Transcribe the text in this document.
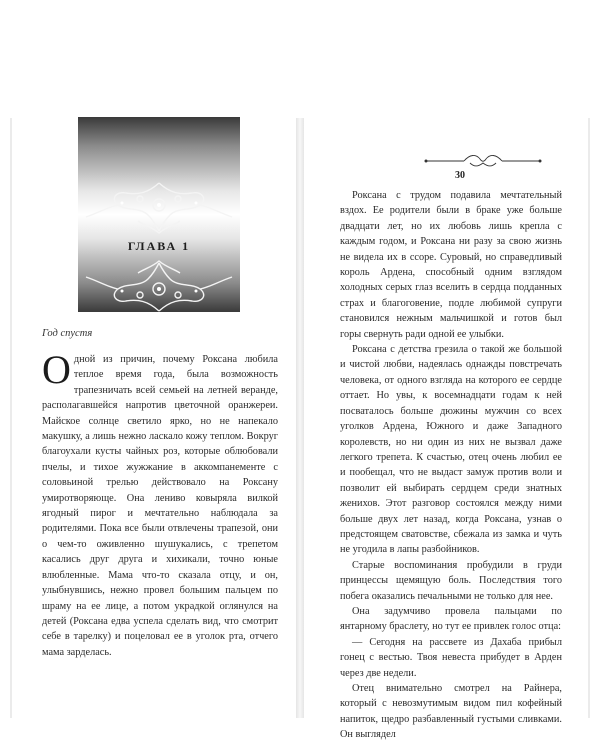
ГЛАВА 1
Год спустя

Одной из причин, почему Роксана любила теплое время года, была возможность трапезничать всей семьей на летней веранде, располагавшейся напротив цветочной оранжереи. Майское солнце светило ярко, но не напекало макушку, а лишь нежно ласкало кожу теплом. Вокруг благоухали кусты чайных роз, которые облюбовали пчелы, и тихое жужжание в аккомпанементе с соловьиной трелью действовало на Роксану умиротворяюще. Она лениво ковыряла вилкой ягодный пирог и мечтательно наблюдала за родителями. Пока все были отвлечены трапезой, они о чем-то оживленно шушукались, с трепетом касались друг друга и хихикали, точно юные влюбленные. Мама что-то сказала отцу, и он, улыбнувшись, нежно провел большим пальцем по шраму на ее лице, а потом украдкой оглянулся на детей (Роксана едва успела сделать вид, что смотрит себе в тарелку) и поцеловал ее в уголок рта, отчего мама зарделась.

30

Роксана с трудом подавила мечтательный вздох. Ее родители были в браке уже больше двадцати лет, но их любовь лишь крепла с каждым годом, и Роксана ни разу за свою жизнь не видела их в ссоре. Суровый, но справедливый король Ардена, способный одним взглядом холодных серых глаз вселить в сердца подданных страх и благоговение, подле любимой супруги становился нежным мальчишкой и готов был горы свернуть ради одной ее улыбки.

Роксана с детства грезила о такой же большой и чистой любви, надеялась однажды повстречать человека, от одного взгляда на которого ее сердце оттает. Но увы, к восемнадцати годам к ней посваталось больше дюжины мужчин со всех уголков Ардена, Южного и даже Западного королевств, но ни один из них не вызвал даже легкого трепета. К счастью, отец очень любил ее и пообещал, что не выдаст замуж против воли и позволит ей выбирать сердцем среди знатных женихов. Этот разговор состоялся между ними больше двух лет назад, когда Роксана, узнав о предстоящем сватовстве, сбежала из замка и чуть не угодила в лапы разбойников.

Старые воспоминания пробудили в груди принцессы щемящую боль. Последствия того побега оказались печальными не только для нее.

Она задумчиво провела пальцами по янтарному браслету, но тут ее привлек голос отца:

— Сегодня на рассвете из Дахаба прибыл гонец с вестью. Твоя невеста прибудет в Арден через две недели.

Отец внимательно смотрел на Райнера, который с невозмутимым видом пил кофейный напиток, щедро разбавленный густыми сливками. Он выглядел
